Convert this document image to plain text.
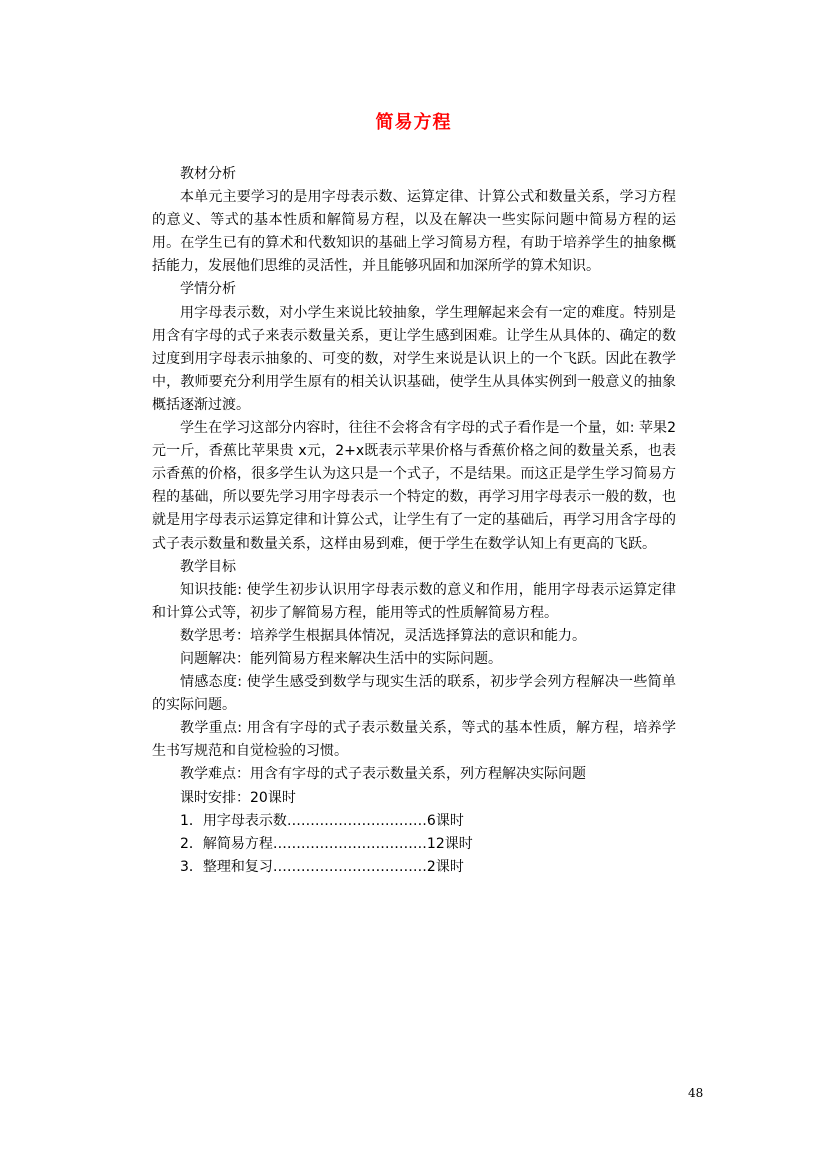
简易方程

教材分析

本单元主要学习的是用字母表示数、运算定律、计算公式和数量关系，学习方程的意义、等式的基本性质和解简易方程，以及在解决一些实际问题中简易方程的运用。在学生已有的算术和代数知识的基础上学习简易方程，有助于培养学生的抽象概括能力，发展他们思维的灵活性，并且能够巩固和加深所学的算术知识。

学情分析

用字母表示数，对小学生来说比较抽象，学生理解起来会有一定的难度。特别是用含有字母的式子来表示数量关系，更让学生感到困难。让学生从具体的、确定的数过度到用字母表示抽象的、可变的数，对学生来说是认识上的一个飞跃。因此在教学中，教师要充分利用学生原有的相关认识基础，使学生从具体实例到一般意义的抽象概括逐渐过渡。

学生在学习这部分内容时，往往不会将含有字母的式子看作是一个量，如: 苹果2元一斤，香蕉比苹果贵 x元，2+x既表示苹果价格与香蕉价格之间的数量关系，也表示香蕉的价格，很多学生认为这只是一个式子，不是结果。而这正是学生学习简易方程的基础，所以要先学习用字母表示一个特定的数，再学习用字母表示一般的数，也就是用字母表示运算定律和计算公式，让学生有了一定的基础后，再学习用含字母的式子表示数量和数量关系，这样由易到难，便于学生在数学认知上有更高的飞跃。

教学目标

知识技能: 使学生初步认识用字母表示数的意义和作用，能用字母表示运算定律和计算公式等，初步了解简易方程，能用等式的性质解简易方程。

数学思考：培养学生根据具体情况，灵活选择算法的意识和能力。

问题解决：能列简易方程来解决生活中的实际问题。

情感态度: 使学生感受到数学与现实生活的联系，初步学会列方程解决一些简单的实际问题。

教学重点: 用含有字母的式子表示数量关系，等式的基本性质，解方程，培养学生书写规范和自觉检验的习惯。

教学难点：用含有字母的式子表示数量关系，列方程解决实际问题

课时安排：20课时

1．用字母表示数…………………………6课时

2．解简易方程……………………………12课时

3．整理和复习……………………………2课时

48
